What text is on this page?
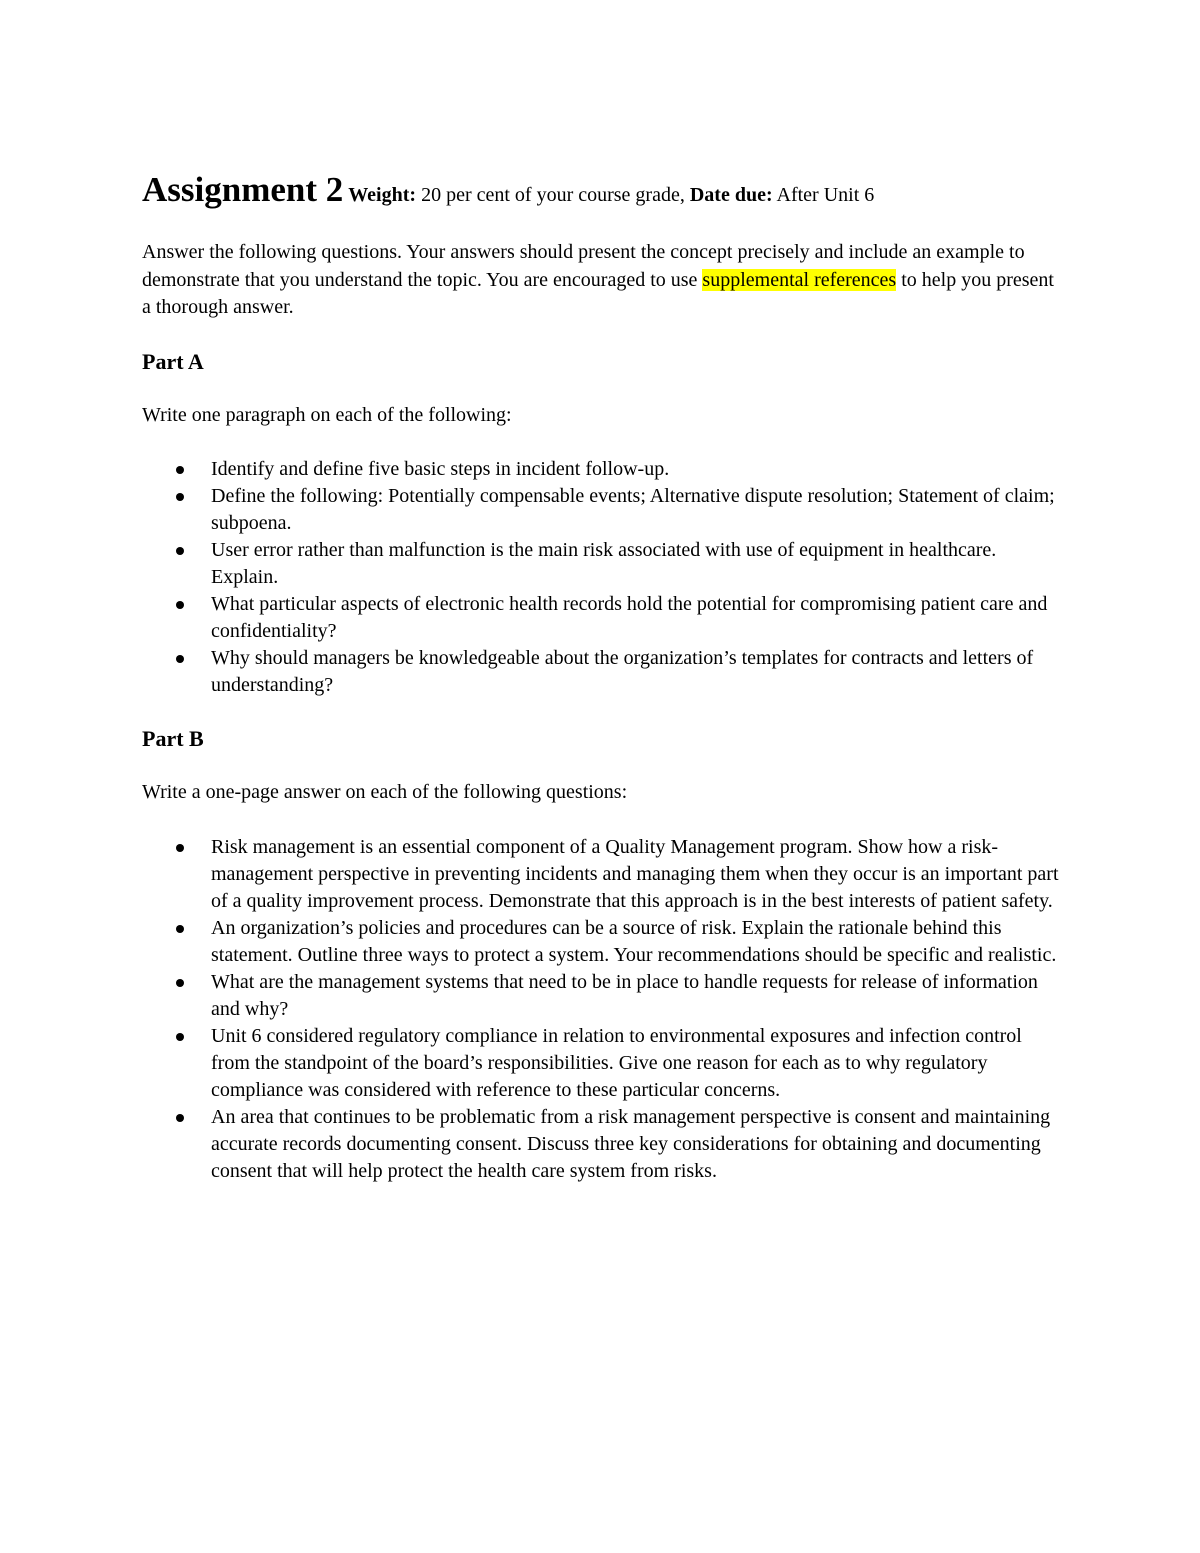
Assignment 2 Weight: 20 per cent of your course grade, Date due: After Unit 6

Answer the following questions. Your answers should present the concept precisely and include an example to demonstrate that you understand the topic. You are encouraged to use supplemental references to help you present a thorough answer.

Part A

Write one paragraph on each of the following:

Identify and define five basic steps in incident follow-up.
Define the following: Potentially compensable events; Alternative dispute resolution; Statement of claim; subpoena.
User error rather than malfunction is the main risk associated with use of equipment in healthcare. Explain.
What particular aspects of electronic health records hold the potential for compromising patient care and confidentiality?
Why should managers be knowledgeable about the organization’s templates for contracts and letters of understanding?
Part B

Write a one-page answer on each of the following questions:

Risk management is an essential component of a Quality Management program. Show how a risk-management perspective in preventing incidents and managing them when they occur is an important part of a quality improvement process. Demonstrate that this approach is in the best interests of patient safety.
An organization’s policies and procedures can be a source of risk. Explain the rationale behind this statement. Outline three ways to protect a system. Your recommendations should be specific and realistic.
What are the management systems that need to be in place to handle requests for release of information and why?
Unit 6 considered regulatory compliance in relation to environmental exposures and infection control from the standpoint of the board’s responsibilities. Give one reason for each as to why regulatory compliance was considered with reference to these particular concerns.
An area that continues to be problematic from a risk management perspective is consent and maintaining accurate records documenting consent. Discuss three key considerations for obtaining and documenting consent that will help protect the health care system from risks.
